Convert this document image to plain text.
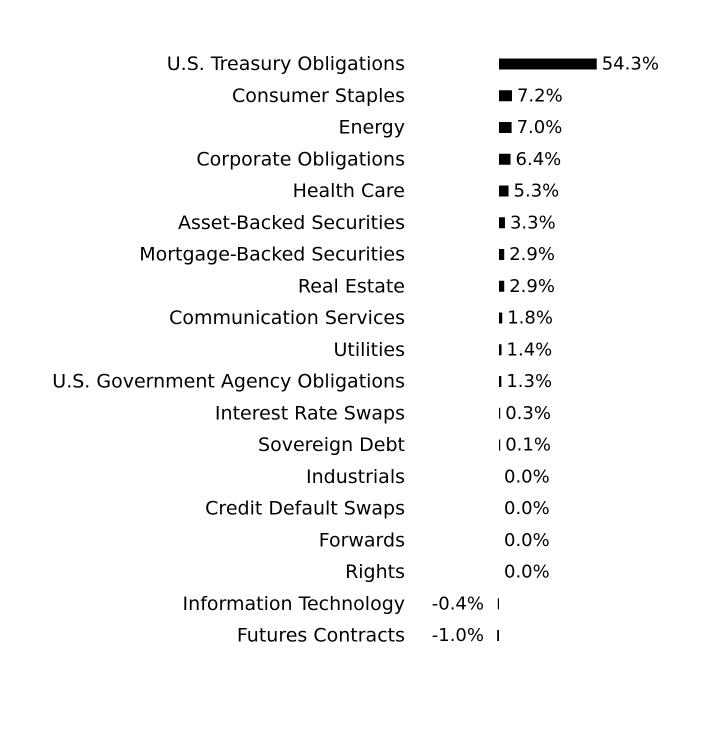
U.S. Treasury Obligations
Consumer Staples
Energy
Corporate Obligations
Health Care
Asset-Backed Securities
Mortgage-Backed Securities
Real Estate
Communication Services
Utilities
U.S. Government Agency Obligations
Interest Rate Swaps
Sovereign Debt
Industrials
Credit Default Swaps
Forwards
Rights
Information Technology
Futures Contracts
54.3%
7.2%
7.0%
6.4%
5.3%
3.3%
2.9%
2.9%
1.8%
1.4%
1.3%
0.3%
0.1%
0.0%
0.0%
0.0%
0.0%
-0.4%
-1.0%
